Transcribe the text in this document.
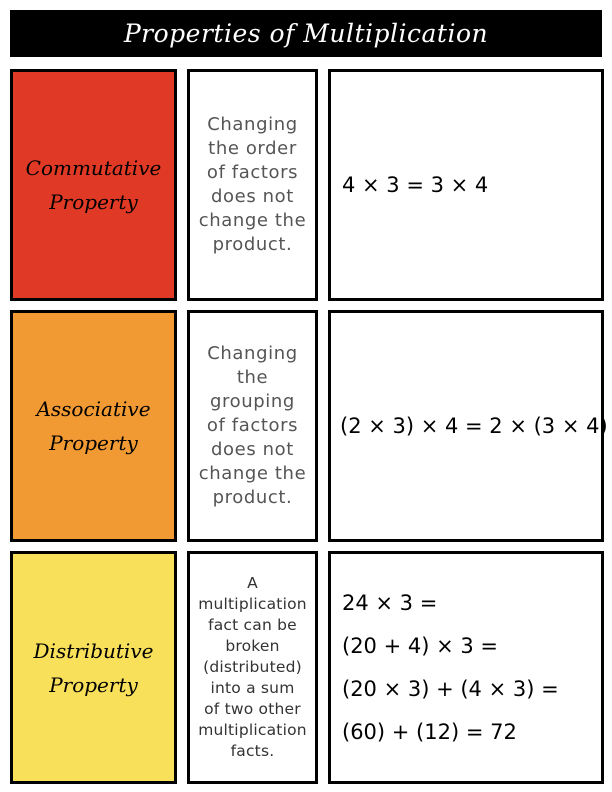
Properties of Multiplication
Commutative
Property
Changing
the order
of factors
does not
change the
product.
4 × 3 = 3 × 4
Associative
Property
Changing
the
grouping
of factors
does not
change the
product.
(2 × 3) × 4 = 2 × (3 × 4)
Distributive
Property
A
multiplication
fact can be
broken
(distributed)
into a sum
of two other
multiplication
facts.
24 × 3 =
(20 + 4) × 3 =
(20 × 3) + (4 × 3) =
(60) + (12) = 72
